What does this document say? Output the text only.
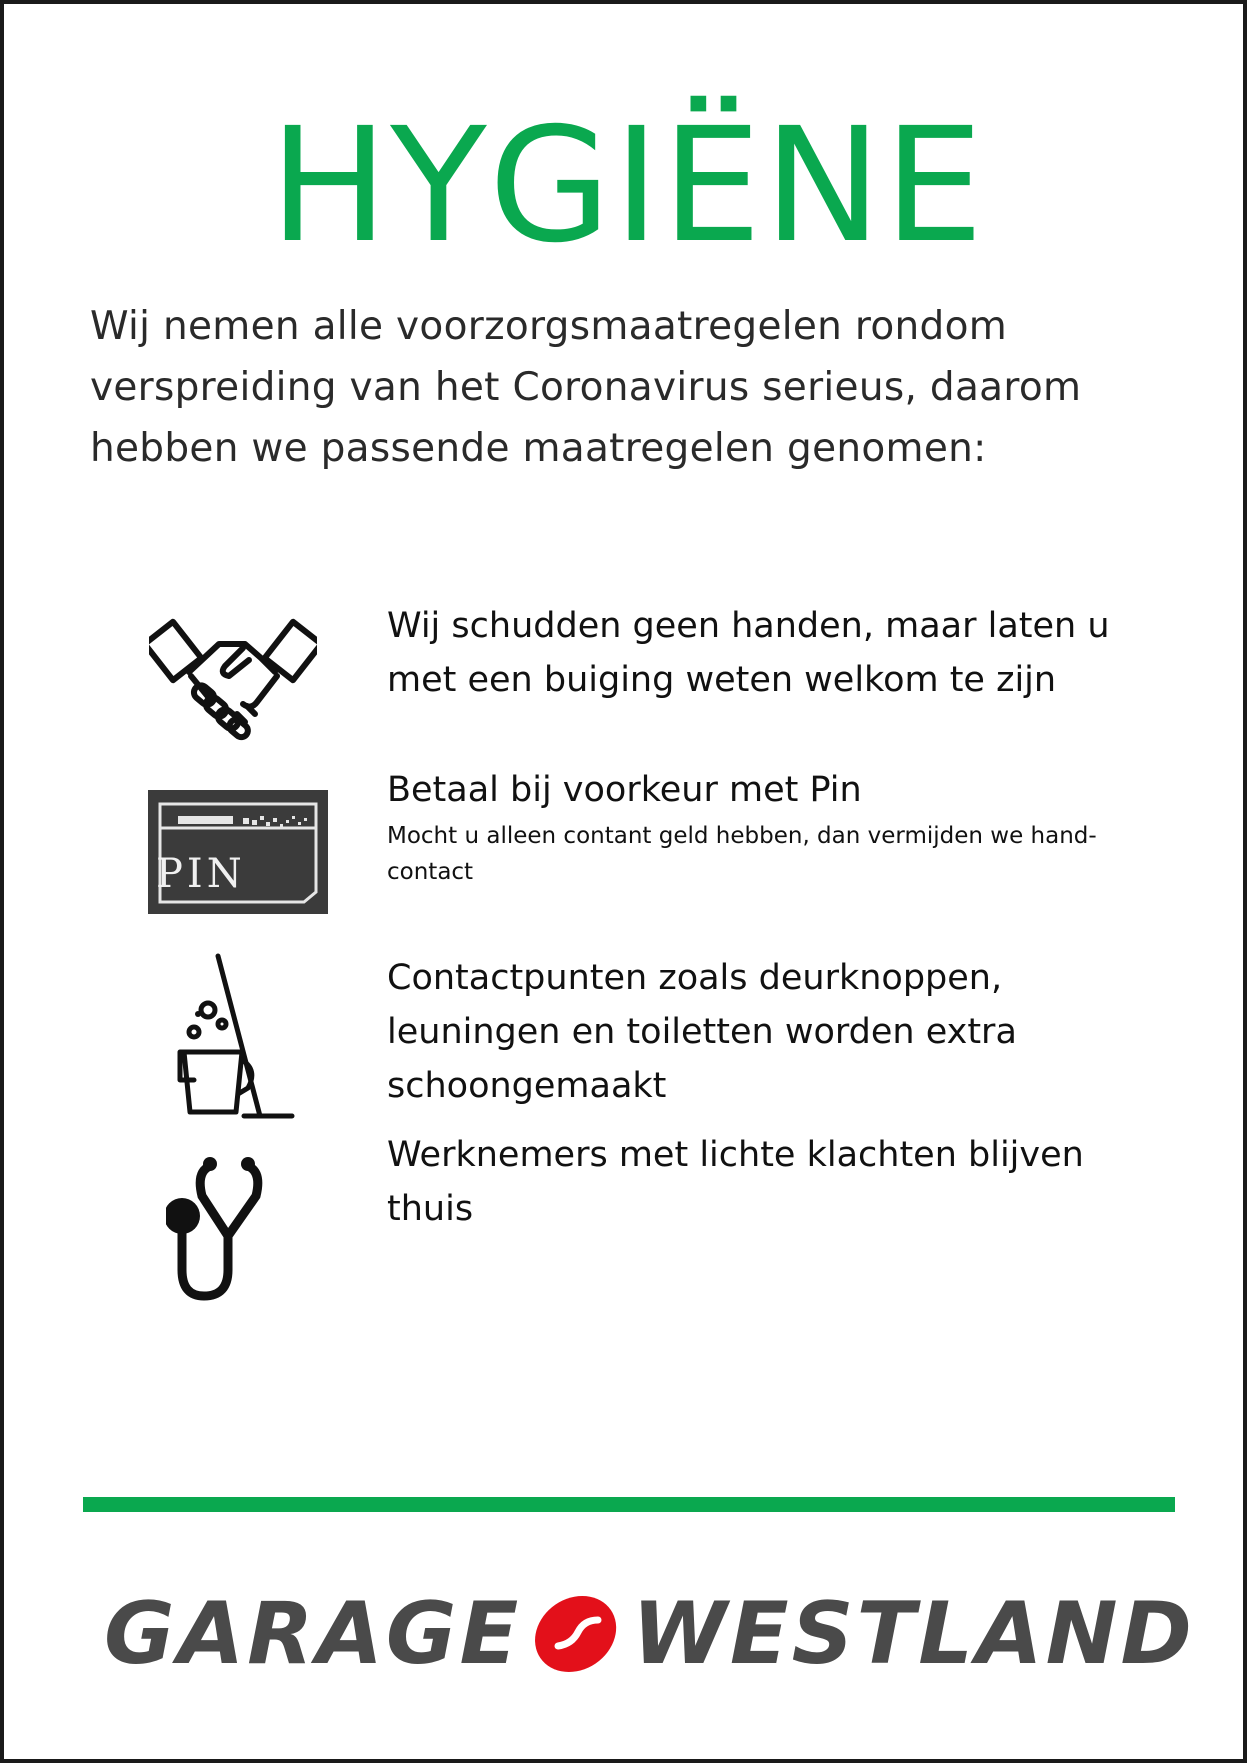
HYGIËNE

Wij nemen alle voorzorgsmaatregelen rondom verspreiding van het Coronavirus serieus, daarom hebben we passende maatregelen genomen:

Wij schudden geen handen, maar laten u met een buiging weten welkom te zijn
PIN
Betaal bij voorkeur met Pin
Mocht u alleen contant geld hebben, dan vermijden we hand-contact
Contactpunten zoals deurknoppen, leuningen en toiletten worden extra schoongemaakt
Werknemers met lichte klachten blijven thuis
GARAGE WESTLAND
